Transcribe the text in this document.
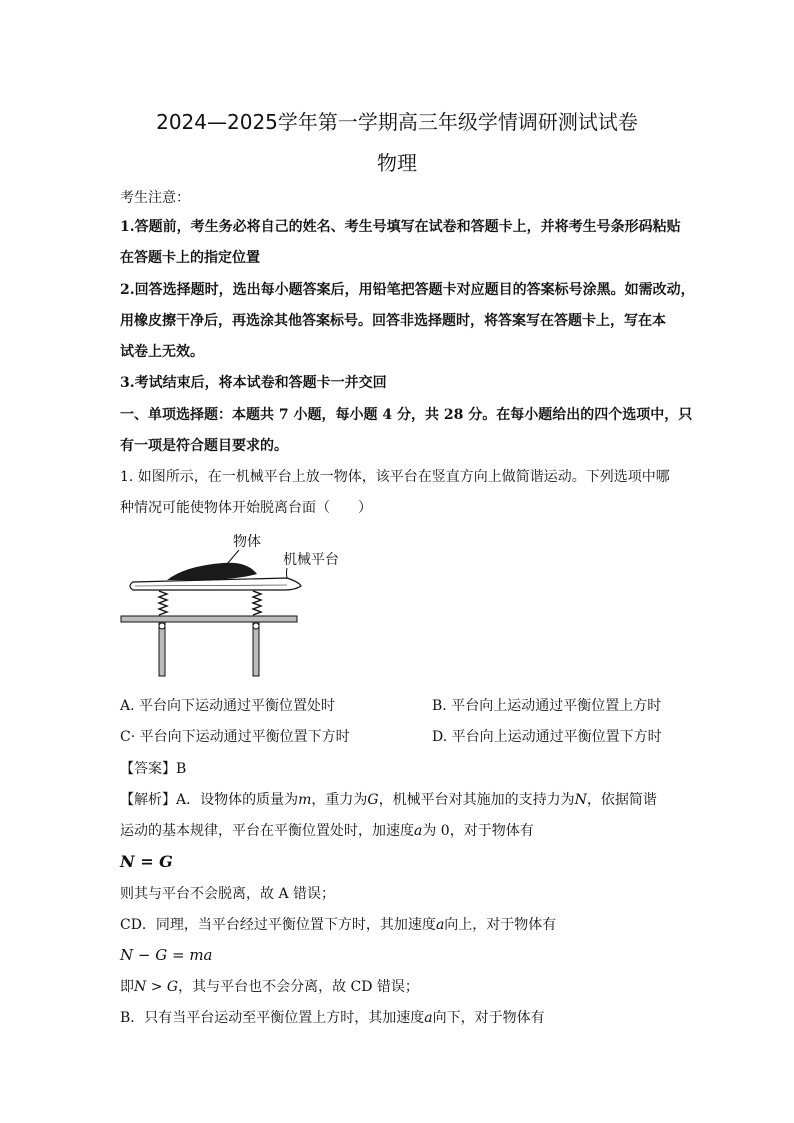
2024—2025学年第一学期高三年级学情调研测试试卷
物理
考生注意：
1.答题前，考生务必将自己的姓名、考生号填写在试卷和答题卡上，并将考生号条形码粘贴
在答题卡上的指定位置
2.回答选择题时，选出每小题答案后，用铅笔把答题卡对应题目的答案标号涂黑。如需改动，
用橡皮擦干净后，再选涂其他答案标号。回答非选择题时，将答案写在答题卡上，写在本
试卷上无效。
3.考试结束后，将本试卷和答题卡一并交回
一、单项选择题：本题共 7 小题，每小题 4 分，共 28 分。在每小题给出的四个选项中，只
有一项是符合题目要求的。
1. 如图所示，在一机械平台上放一物体，该平台在竖直方向上做简谐运动。下列选项中哪
种情况可能使物体开始脱离台面（　　）
物体
机械平台
A. 平台向下运动通过平衡位置处时	B. 平台向上运动通过平衡位置上方时
C· 平台向下运动通过平衡位置下方时	D. 平台向上运动通过平衡位置下方时
【答案】B
【解析】A．设物体的质量为m，重力为G，机械平台对其施加的支持力为N，依据简谐
运动的基本规律，平台在平衡位置处时，加速度a为 0，对于物体有
N = G
则其与平台不会脱离，故 A 错误；
CD．同理，当平台经过平衡位置下方时，其加速度a向上，对于物体有
N − G = ma
即N > G，其与平台也不会分离，故 CD 错误；
B．只有当平台运动至平衡位置上方时，其加速度a向下，对于物体有
